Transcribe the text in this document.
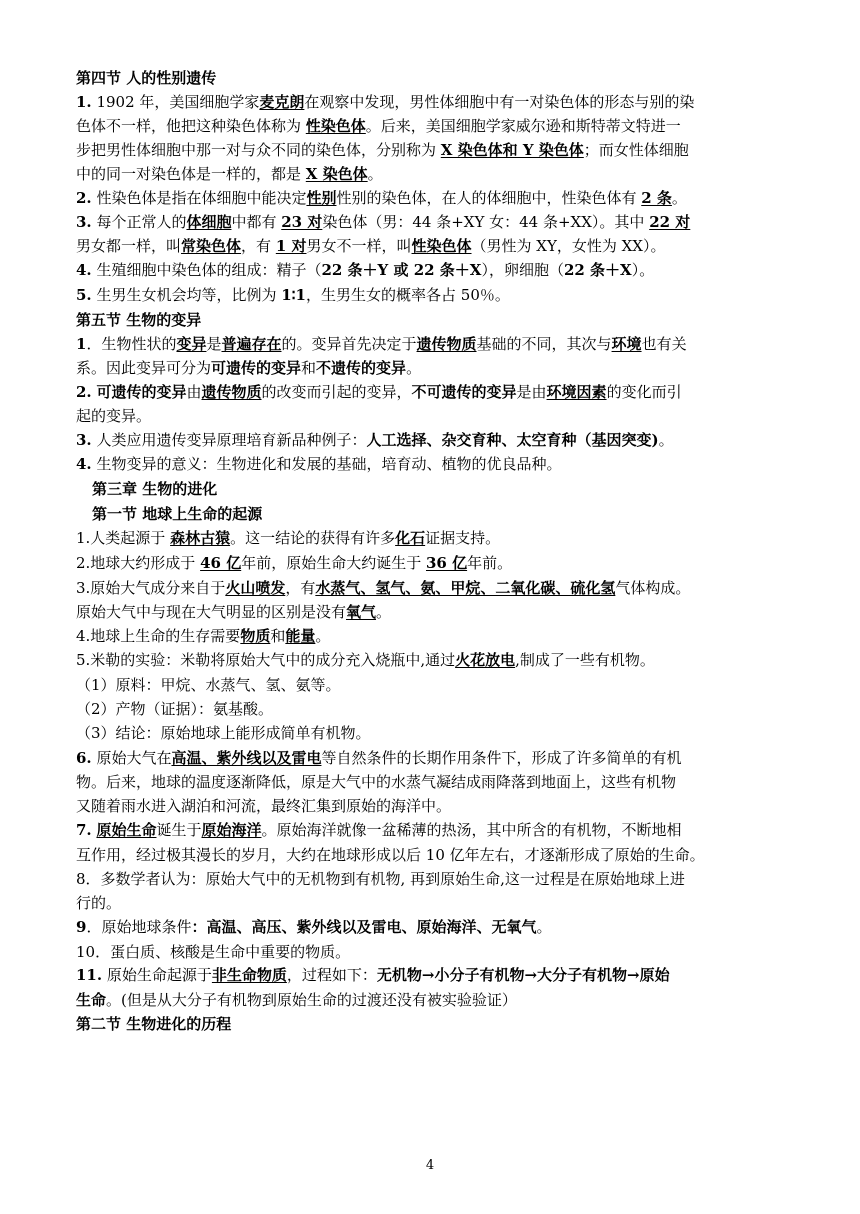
第四节 人的性别遗传
1. 1902 年，美国细胞学家麦克朗在观察中发现，男性体细胞中有一对染色体的形态与别的染
色体不一样，他把这种染色体称为 性染色体。后来，美国细胞学家威尔逊和斯特蒂文特进一
步把男性体细胞中那一对与众不同的染色体，分别称为 X 染色体和 Y 染色体；而女性体细胞
中的同一对染色体是一样的，都是 X 染色体。
2. 性染色体是指在体细胞中能决定性别性别的染色体，在人的体细胞中，性染色体有 2 条。
3. 每个正常人的体细胞中都有 23 对染色体（男：44 条+XY 女：44 条+XX）。其中 22 对
男女都一样，叫常染色体，有 1 对男女不一样，叫性染色体（男性为 XY，女性为 XX）。
4. 生殖细胞中染色体的组成：精子（22 条＋Y 或 22 条＋X），卵细胞（22 条＋X）。
5. 生男生女机会均等，比例为 1∶1，生男生女的概率各占 50％。
第五节 生物的变异
1．生物性状的变异是普遍存在的。变异首先决定于遗传物质基础的不同，其次与环境也有关
系。因此变异可分为可遗传的变异和不遗传的变异。
2. 可遗传的变异由遗传物质的改变而引起的变异，不可遗传的变异是由环境因素的变化而引
起的变异。
3. 人类应用遗传变异原理培育新品种例子：人工选择、杂交育种、太空育种（基因突变)。
4. 生物变异的意义：生物进化和发展的基础，培育动、植物的优良品种。
第三章 生物的进化
第一节 地球上生命的起源
1.人类起源于 森林古猿。这一结论的获得有许多化石证据支持。
2.地球大约形成于 46 亿年前，原始生命大约诞生于 36 亿年前。
3.原始大气成分来自于火山喷发，有水蒸气、氢气、氨、甲烷、二氧化碳、硫化氢气体构成。
原始大气中与现在大气明显的区别是没有氧气。
4.地球上生命的生存需要物质和能量。
5.米勒的实验：米勒将原始大气中的成分充入烧瓶中,通过火花放电,制成了一些有机物。
（1）原料：甲烷、水蒸气、氢、氨等。
（2）产物（证据）：氨基酸。
（3）结论：原始地球上能形成简单有机物。
6. 原始大气在高温、紫外线以及雷电等自然条件的长期作用条件下，形成了许多简单的有机
物。后来，地球的温度逐渐降低，原是大气中的水蒸气凝结成雨降落到地面上，这些有机物
又随着雨水进入湖泊和河流，最终汇集到原始的海洋中。
7. 原始生命诞生于原始海洋。原始海洋就像一盆稀薄的热汤，其中所含的有机物，不断地相
互作用，经过极其漫长的岁月，大约在地球形成以后 10 亿年左右，才逐渐形成了原始的生命。
8．多数学者认为：原始大气中的无机物到有机物, 再到原始生命,这一过程是在原始地球上进
行的。
9．原始地球条件：高温、高压、紫外线以及雷电、原始海洋、无氧气。
10．蛋白质、核酸是生命中重要的物质。
11. 原始生命起源于非生命物质，过程如下：无机物→小分子有机物→大分子有机物→原始
生命。(但是从大分子有机物到原始生命的过渡还没有被实验验证）
第二节 生物进化的历程
4
